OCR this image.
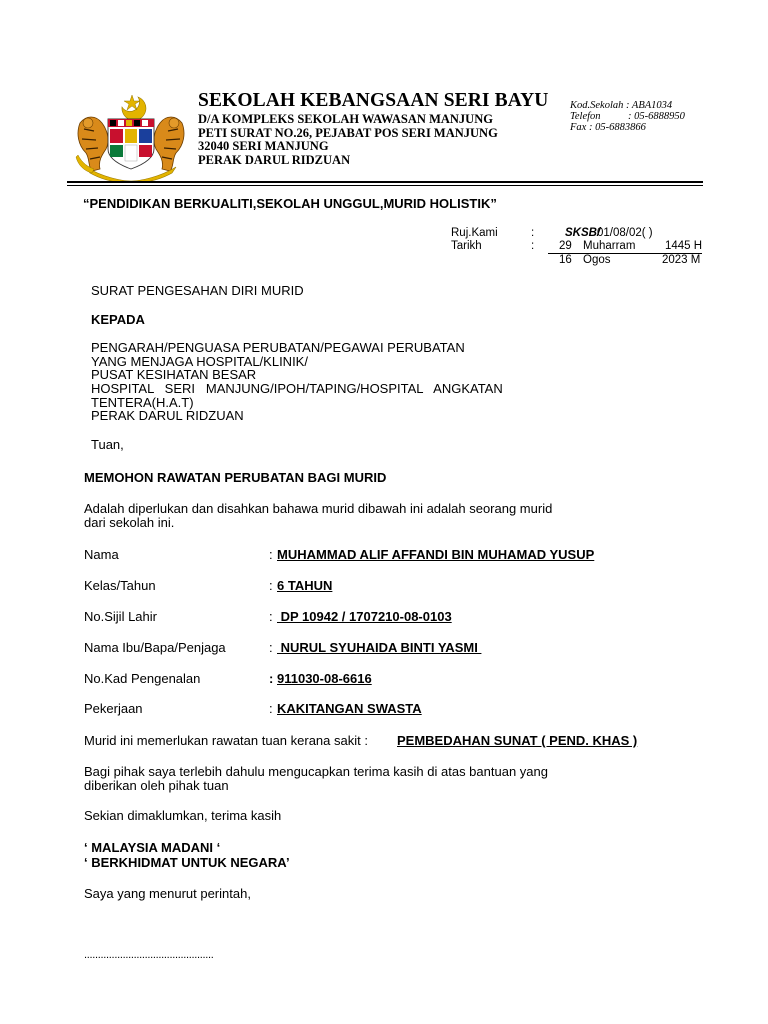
SEKOLAH KEBANGSAAN SERI BAYU
D/A KOMPLEKS SEKOLAH WAWASAN MANJUNG
PETI SURAT NO.26, PEJABAT POS SERI MANJUNG
32040 SERI MANJUNG
PERAK DARUL RIDZUAN
Kod.Sekolah : ABA1034
Telefon	: 05-6888950
Fax : 05-6883866
“PENDIDIKAN BERKUALITI,SEKOLAH UNGGUL,MURID HOLISTIK”
Ruj.Kami	:	SKSB/
01/08/02( )
Tarikh	: 29 Muharram	1445 H
16 Ogos	2023 M
SURAT PENGESAHAN DIRI MURID
KEPADA
PENGARAH/PENGUASA PERUBATAN/PEGAWAI PERUBATAN
YANG MENJAGA HOSPITAL/KLINIK/
PUSAT KESIHATAN BESAR
HOSPITAL   SERI   MANJUNG/IPOH/TAPING/HOSPITAL   ANGKATAN
TENTERA(H.A.T)
PERAK DARUL RIDZUAN
Tuan,
MEMOHON RAWATAN PERUBATAN BAGI MURID
Adalah diperlukan dan disahkan bahawa murid dibawah ini adalah seorang murid
dari sekolah ini.
Nama	: MUHAMMAD ALIF AFFANDI BIN MUHAMAD YUSUP
Kelas/Tahun	: 6 TAHUN
No.Sijil Lahir	: DP 10942 / 1707210-08-0103
Nama Ibu/Bapa/Penjaga	: NURUL SYUHAIDA BINTI YASMI
No.Kad Pengenalan	: 911030-08-6616
Pekerjaan	: KAKITANGAN SWASTA
Murid ini memerlukan rawatan tuan kerana sakit : PEMBEDAHAN SUNAT ( PEND. KHAS )
Bagi pihak saya terlebih dahulu mengucapkan terima kasih di atas bantuan yang
diberikan oleh pihak tuan
Sekian dimaklumkan, terima kasih
‘ MALAYSIA MADANI ‘
‘ BERKHIDMAT UNTUK NEGARA’
Saya yang menurut perintah,
...............................................
